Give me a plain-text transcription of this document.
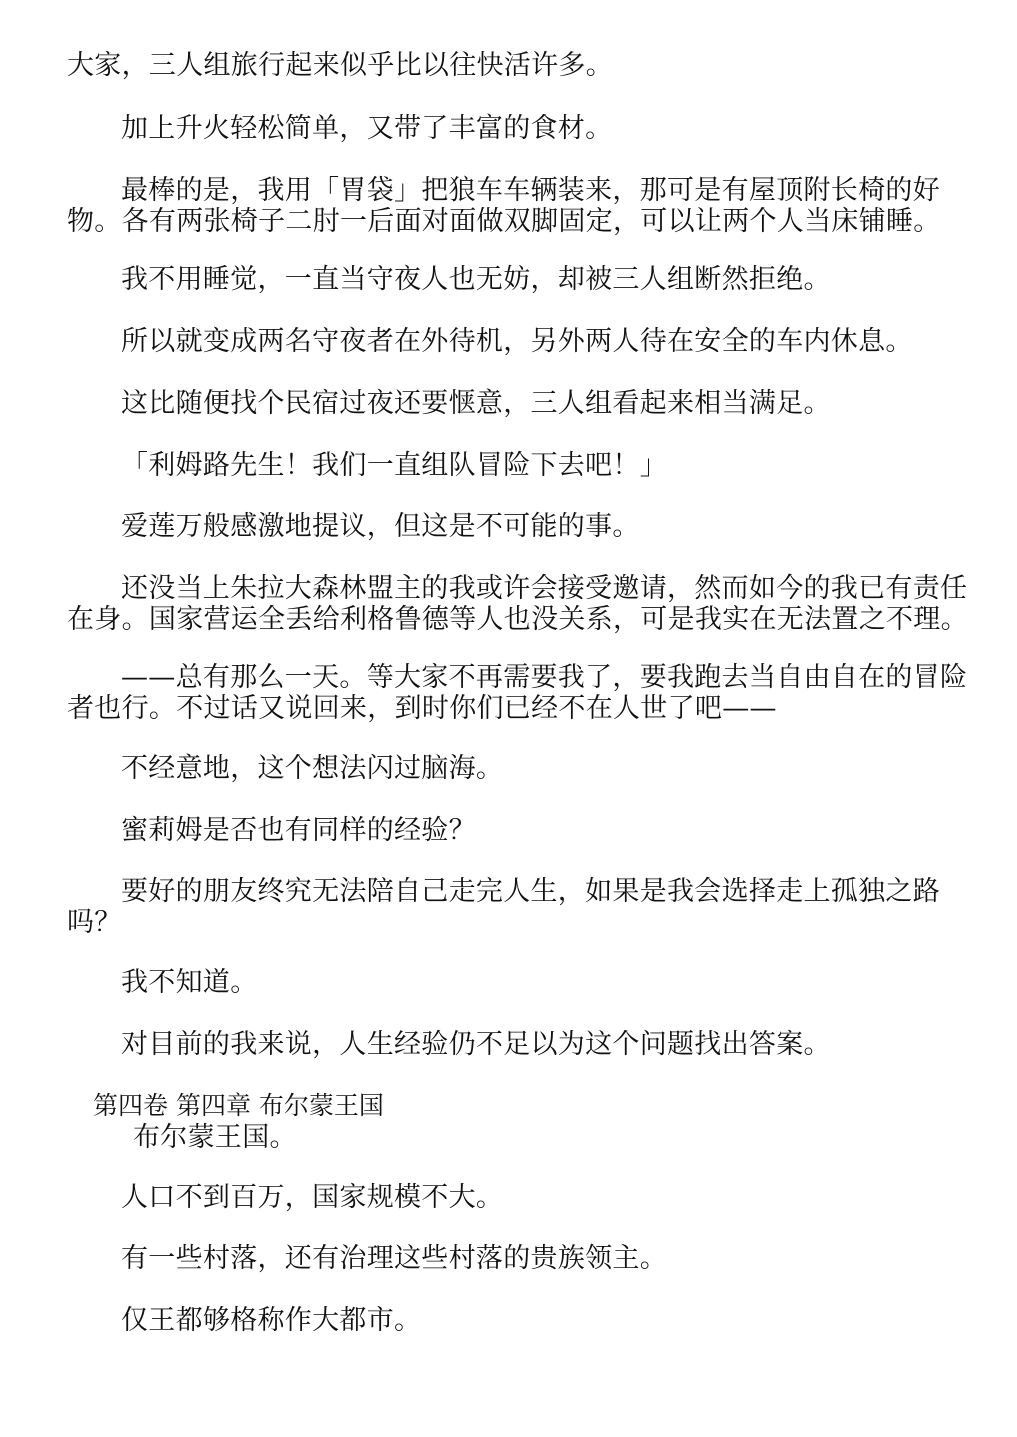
大家，三人组旅行起来似乎比以往快活许多。
加上升火轻松简单，又带了丰富的食材。
最棒的是，我用「胃袋」把狼车车辆装来，那可是有屋顶附长椅的好
物。各有两张椅子二肘一后面对面做双脚固定，可以让两个人当床铺睡。
我不用睡觉，一直当守夜人也无妨，却被三人组断然拒绝。
所以就变成两名守夜者在外待机，另外两人待在安全的车内休息。
这比随便找个民宿过夜还要惬意，三人组看起来相当满足。
「利姆路先生！我们一直组队冒险下去吧！」
爱莲万般感激地提议，但这是不可能的事。
还没当上朱拉大森林盟主的我或许会接受邀请，然而如今的我已有责任
在身。国家营运全丢给利格鲁德等人也没关系，可是我实在无法置之不理。
——总有那么一天。等大家不再需要我了，要我跑去当自由自在的冒险
者也行。不过话又说回来，到时你们已经不在人世了吧——
不经意地，这个想法闪过脑海。
蜜莉姆是否也有同样的经验？
要好的朋友终究无法陪自己走完人生，如果是我会选择走上孤独之路
吗？
我不知道。
对目前的我来说，人生经验仍不足以为这个问题找出答案。
第四卷 第四章 布尔蒙王国
布尔蒙王国。
人口不到百万，国家规模不大。
有一些村落，还有治理这些村落的贵族领主。
仅王都够格称作大都市。
